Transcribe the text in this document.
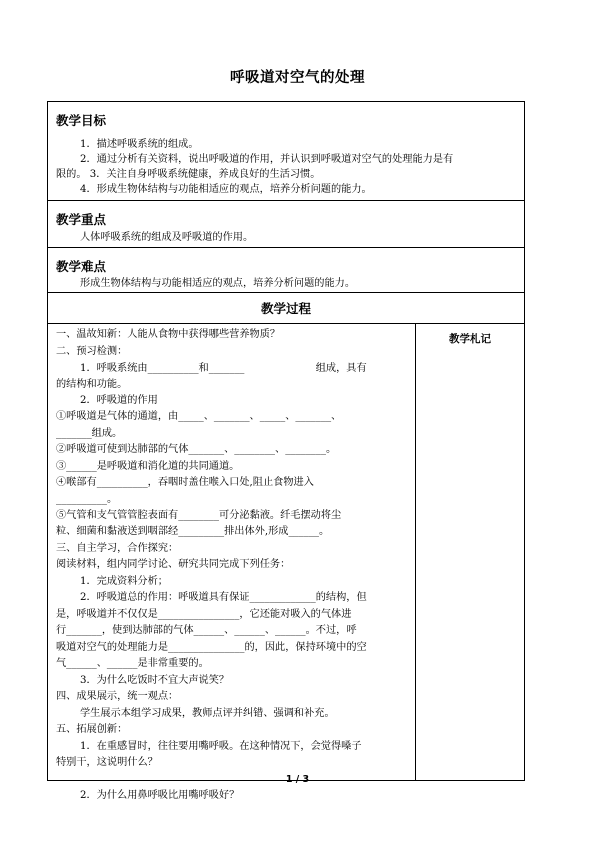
呼吸道对空气的处理
教学目标
1．描述呼吸系统的组成。
2．通过分析有关资料，说出呼吸道的作用，并认识到呼吸道对空气的处理能力是有
限的。 3．关注自身呼吸系统健康，养成良好的生活习惯。
4．形成生物体结构与功能相适应的观点，培养分析问题的能力。
教学重点
人体呼吸系统的组成及呼吸道的作用。
教学难点
形成生物体结构与功能相适应的观点，培养分析问题的能力。
教学过程
教学札记
一、温故知新：人能从食物中获得哪些营养物质？
二、预习检测：
1．呼吸系统由__________和_______　　　　　　　组成，具有
的结构和功能。
2．呼吸道的作用
①呼吸道是气体的通道，由_____、_______、_____、_______、
_______组成。
②呼吸道可使到达肺部的气体_______、________、________。
③______是呼吸道和消化道的共同通道。
④喉部有__________，吞咽时盖住喉入口处,阻止食物进入
__________。
⑤气管和支气管管腔表面有________可分泌黏液。纤毛摆动将尘
粒、细菌和黏液送到咽部经_________排出体外,形成______。
三、自主学习，合作探究：
阅读材料，组内同学讨论、研究共同完成下列任务：
1．完成资料分析；
2．呼吸道总的作用：呼吸道具有保证_____________的结构，但
是，呼吸道并不仅仅是________________，它还能对吸入的气体进
行_______，使到达肺部的气体______、______、______。不过，呼
吸道对空气的处理能力是_______________的，因此，保持环境中的空
气______、______是非常重要的。
3．为什么吃饭时不宜大声说笑？
四、成果展示，统一观点：
学生展示本组学习成果，教师点评并纠错、强调和补充。
五、拓展创新：
1．在重感冒时，往往要用嘴呼吸。在这种情况下，会觉得嗓子
特别干，这说明什么？
2．为什么用鼻呼吸比用嘴呼吸好？
1 / 3
